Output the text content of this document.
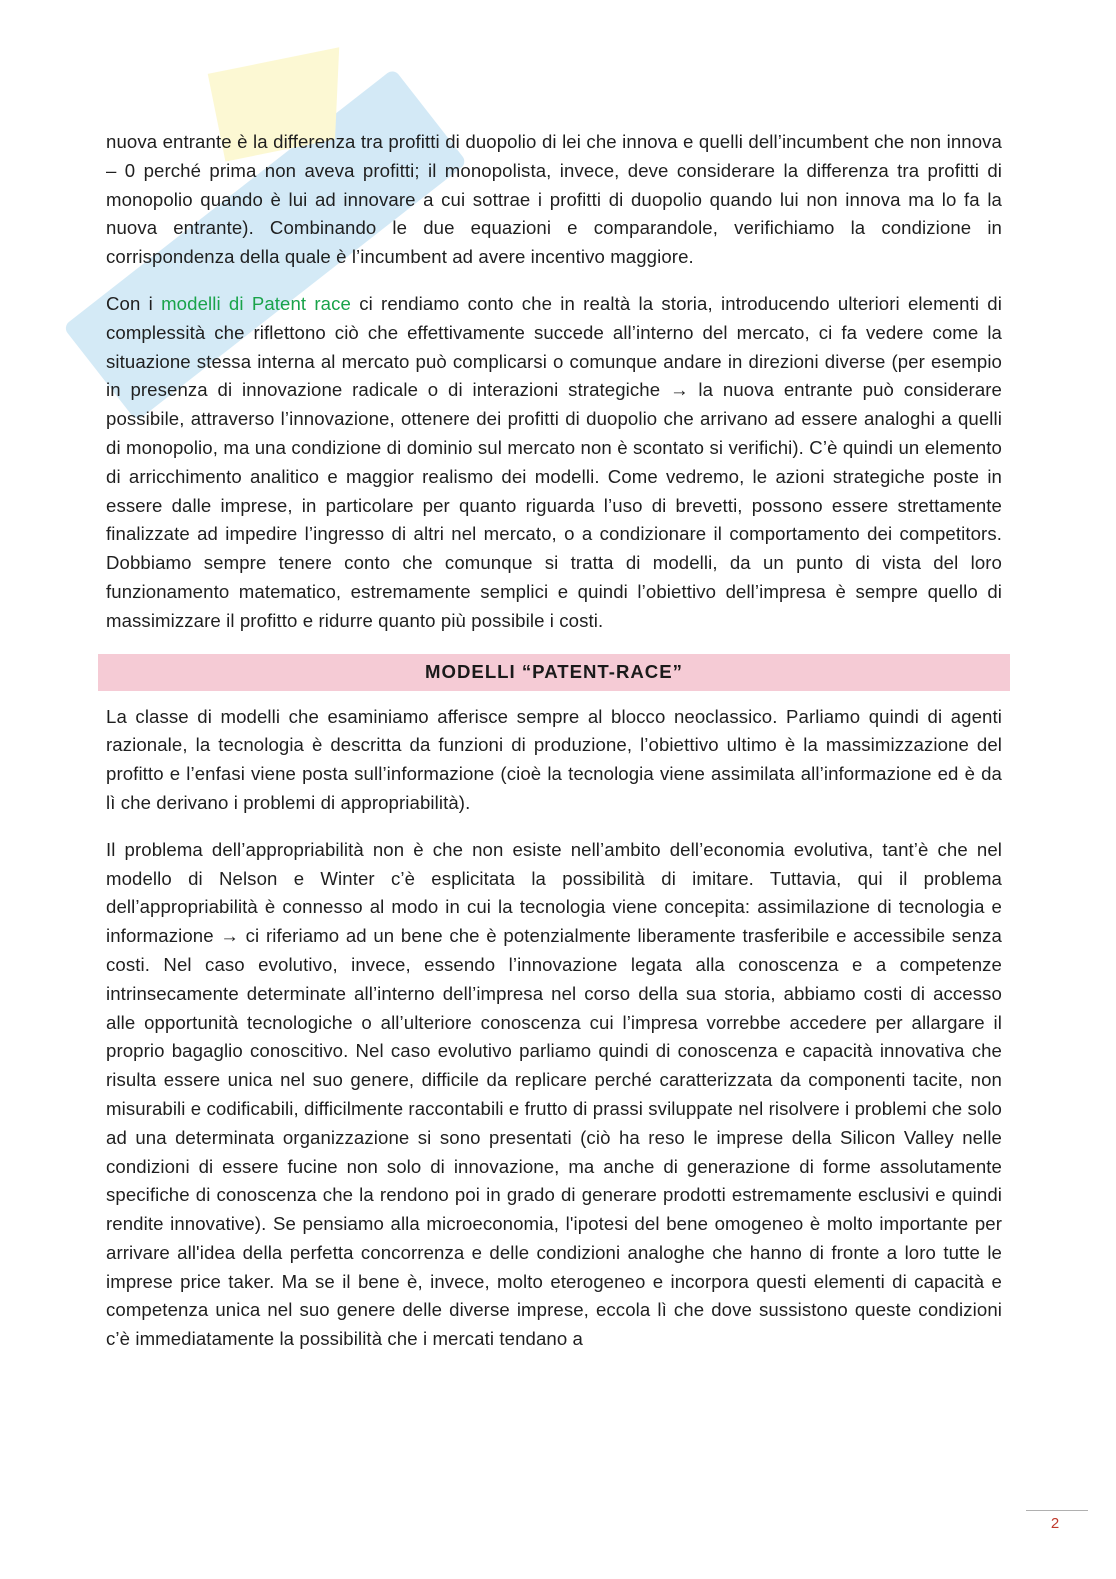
nuova entrante è la differenza tra profitti di duopolio di lei che innova e quelli dell’incumbent che non innova – 0 perché prima non aveva profitti; il monopolista, invece, deve considerare la differenza tra profitti di monopolio quando è lui ad innovare a cui sottrae i profitti di duopolio quando lui non innova ma lo fa la nuova entrante). Combinando le due equazioni e comparandole, verifichiamo la condizione in corrispondenza della quale è l’incumbent ad avere incentivo maggiore.

Con i modelli di Patent race ci rendiamo conto che in realtà la storia, introducendo ulteriori elementi di complessità che riflettono ciò che effettivamente succede all’interno del mercato, ci fa vedere come la situazione stessa interna al mercato può complicarsi o comunque andare in direzioni diverse (per esempio in presenza di innovazione radicale o di interazioni strategiche → la nuova entrante può considerare possibile, attraverso l’innovazione, ottenere dei profitti di duopolio che arrivano ad essere analoghi a quelli di monopolio, ma una condizione di dominio sul mercato non è scontato si verifichi). C’è quindi un elemento di arricchimento analitico e maggior realismo dei modelli. Come vedremo, le azioni strategiche poste in essere dalle imprese, in particolare per quanto riguarda l’uso di brevetti, possono essere strettamente finalizzate ad impedire l’ingresso di altri nel mercato, o a condizionare il comportamento dei competitors. Dobbiamo sempre tenere conto che comunque si tratta di modelli, da un punto di vista del loro funzionamento matematico, estremamente semplici e quindi l’obiettivo dell’impresa è sempre quello di massimizzare il profitto e ridurre quanto più possibile i costi.

MODELLI “PATENT-RACE”

La classe di modelli che esaminiamo afferisce sempre al blocco neoclassico. Parliamo quindi di agenti razionale, la tecnologia è descritta da funzioni di produzione, l’obiettivo ultimo è la massimizzazione del profitto e l’enfasi viene posta sull’informazione (cioè la tecnologia viene assimilata all’informazione ed è da lì che derivano i problemi di appropriabilità).

Il problema dell’appropriabilità non è che non esiste nell’ambito dell’economia evolutiva, tant’è che nel modello di Nelson e Winter c’è esplicitata la possibilità di imitare. Tuttavia, qui il problema dell’appropriabilità è connesso al modo in cui la tecnologia viene concepita: assimilazione di tecnologia e informazione → ci riferiamo ad un bene che è potenzialmente liberamente trasferibile e accessibile senza costi. Nel caso evolutivo, invece, essendo l’innovazione legata alla conoscenza e a competenze intrinsecamente determinate all’interno dell’impresa nel corso della sua storia, abbiamo costi di accesso alle opportunità tecnologiche o all’ulteriore conoscenza cui l’impresa vorrebbe accedere per allargare il proprio bagaglio conoscitivo. Nel caso evolutivo parliamo quindi di conoscenza e capacità innovativa che risulta essere unica nel suo genere, difficile da replicare perché caratterizzata da componenti tacite, non misurabili e codificabili, difficilmente raccontabili e frutto di prassi sviluppate nel risolvere i problemi che solo ad una determinata organizzazione si sono presentati (ciò ha reso le imprese della Silicon Valley nelle condizioni di essere fucine non solo di innovazione, ma anche di generazione di forme assolutamente specifiche di conoscenza che la rendono poi in grado di generare prodotti estremamente esclusivi e quindi rendite innovative). Se pensiamo alla microeconomia, l'ipotesi del bene omogeneo è molto importante per arrivare all'idea della perfetta concorrenza e delle condizioni analoghe che hanno di fronte a loro tutte le imprese price taker. Ma se il bene è, invece, molto eterogeneo e incorpora questi elementi di capacità e competenza unica nel suo genere delle diverse imprese, eccola lì che dove sussistono queste condizioni c’è immediatamente la possibilità che i mercati tendano a

2
